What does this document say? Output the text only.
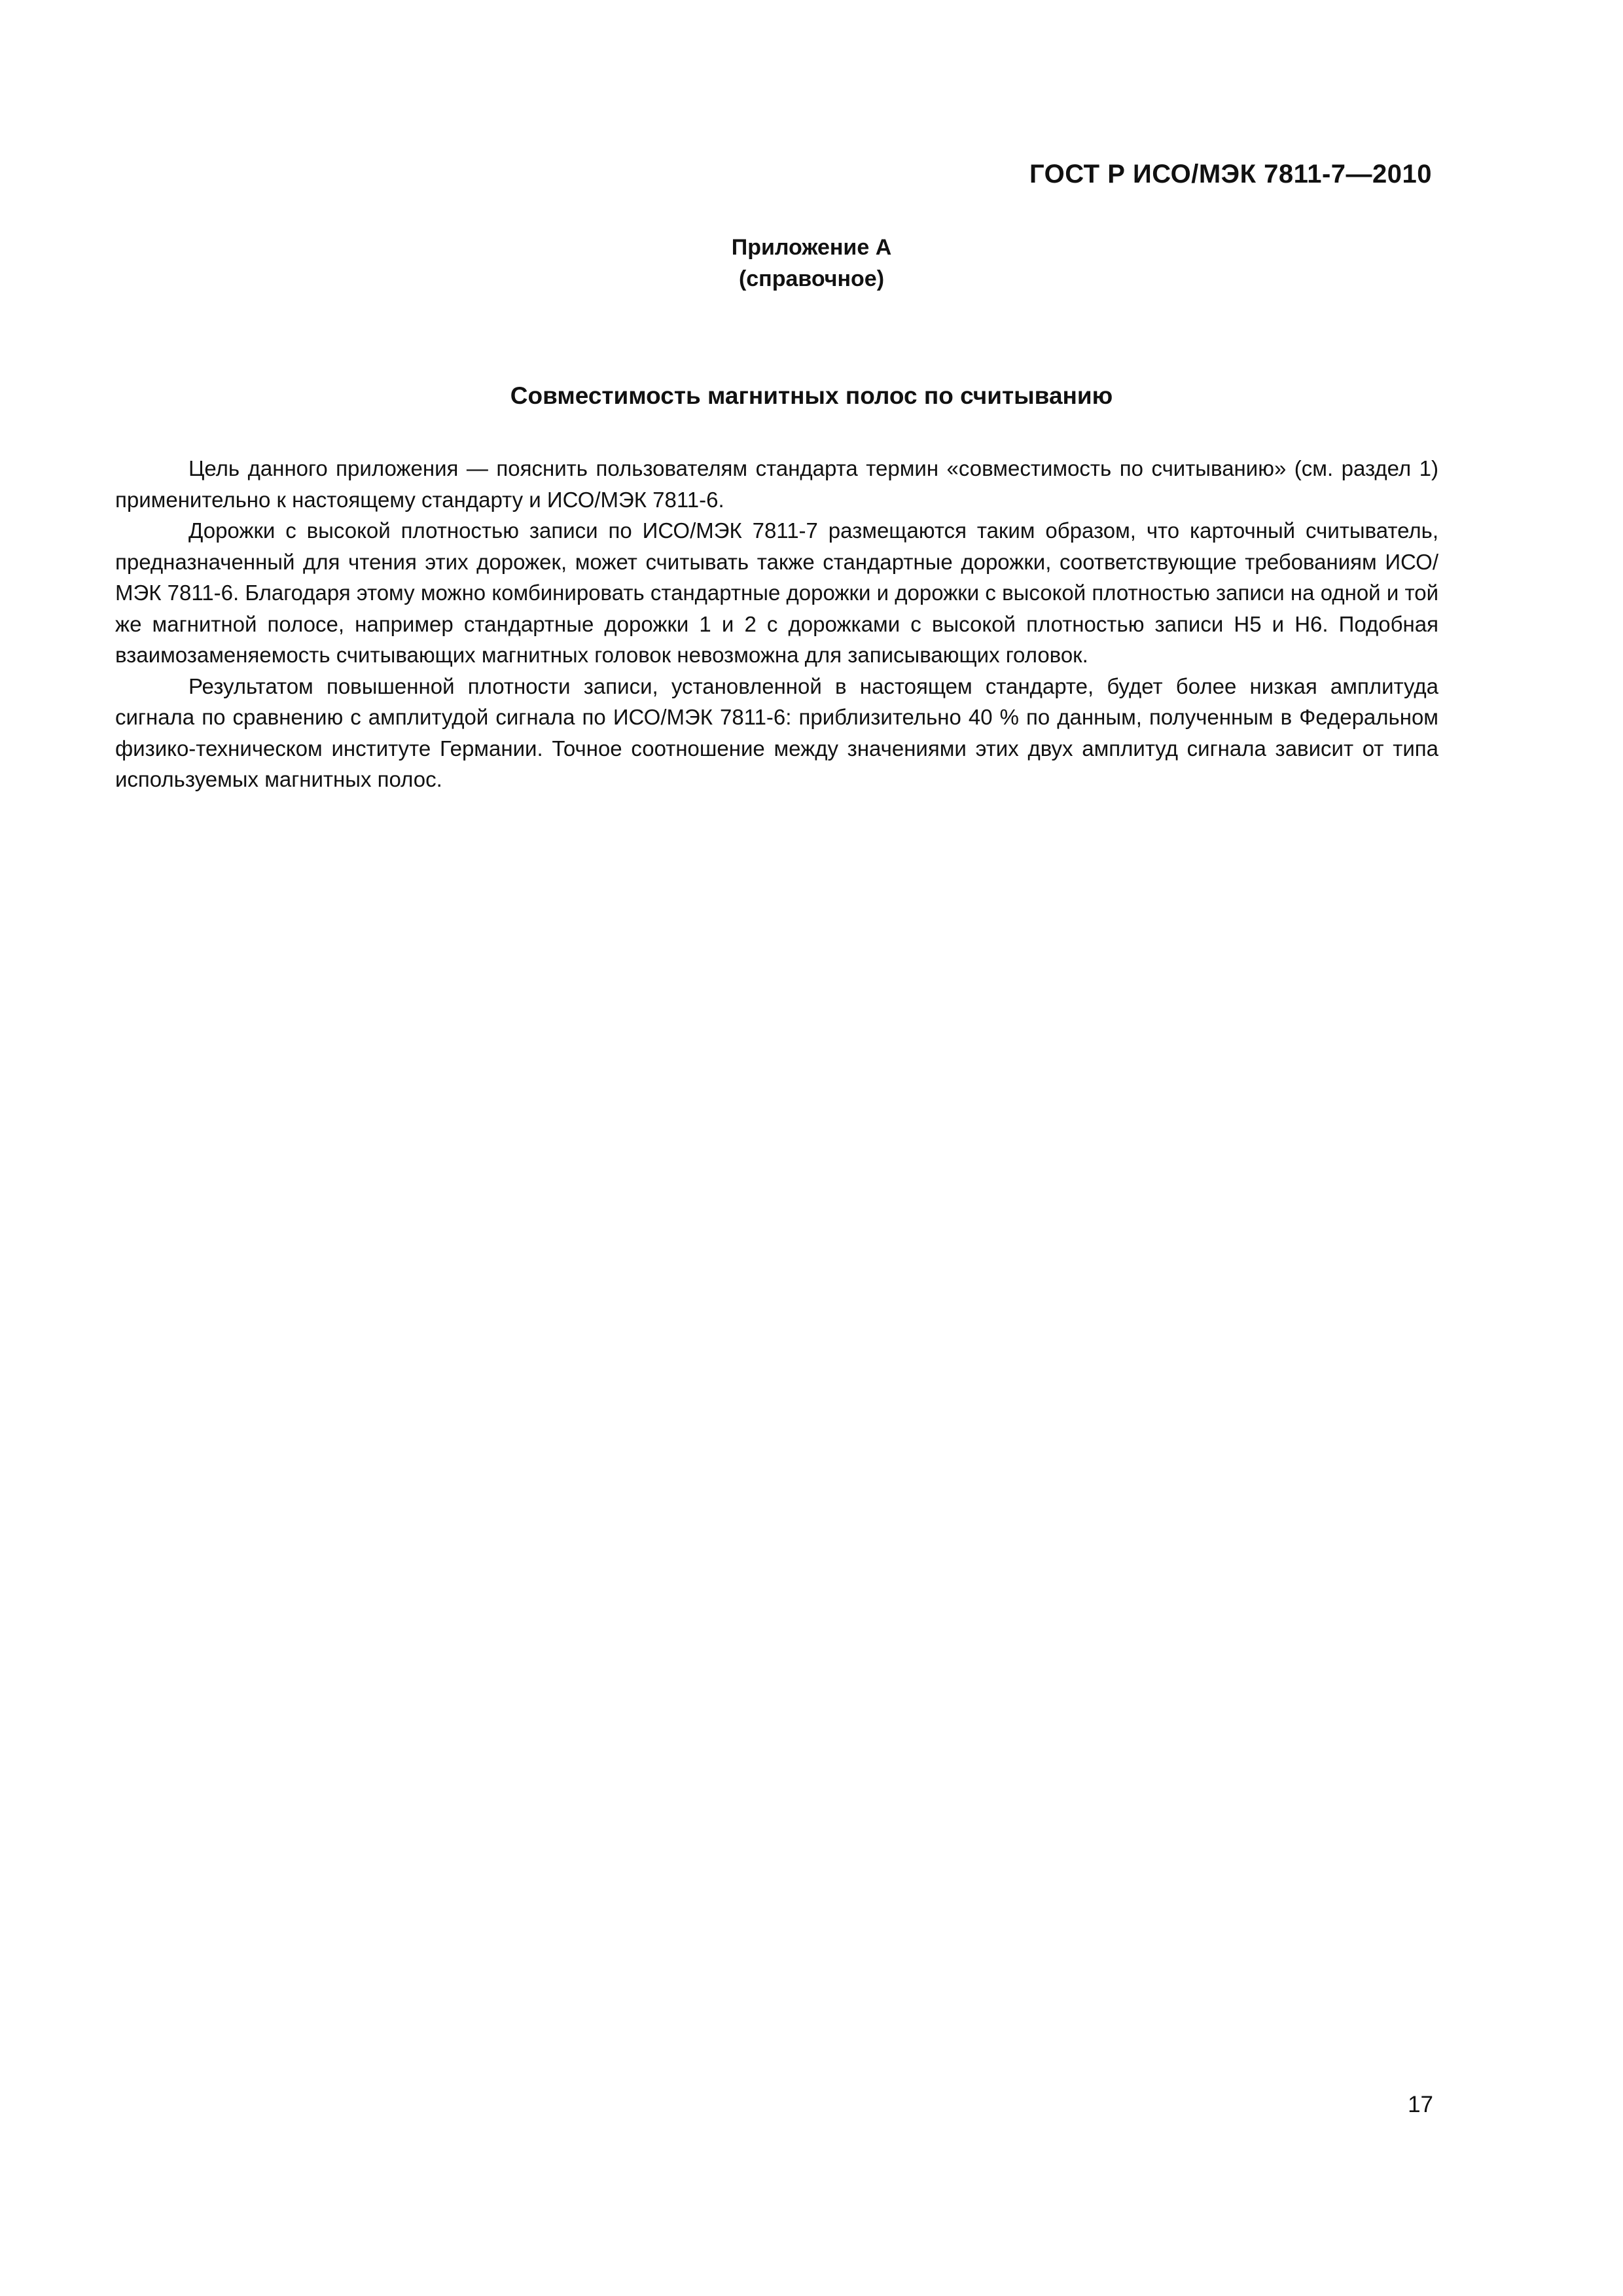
ГОСТ Р ИСО/МЭК 7811-7—2010
Приложение А
(справочное)
Совместимость магнитных полос по считыванию

Цель данного приложения — пояснить пользователям стандарта термин «совместимость по считыванию» (см. раздел 1) применительно к настоящему стандарту и ИСО/МЭК 7811-6.

Дорожки с высокой плотностью записи по ИСО/МЭК 7811-7 размещаются таким образом, что карточный считыватель, предназначенный для чтения этих дорожек, может считывать также стандартные дорожки, соответствующие требованиям ИСО/МЭК 7811-6. Благодаря этому можно комбинировать стандартные дорожки и дорожки с высокой плотностью записи на одной и той же магнитной полосе, например стандартные дорожки 1 и 2 с дорожками с высокой плотностью записи Н5 и Н6. Подобная взаимозаменяемость считывающих магнитных головок невозможна для записывающих головок.

Результатом повышенной плотности записи, установленной в настоящем стандарте, будет более низкая амплитуда сигнала по сравнению с амплитудой сигнала по ИСО/МЭК 7811-6: приблизительно 40 % по данным, полученным в Федеральном физико-техническом институте Германии. Точное соотношение между значениями этих двух амплитуд сигнала зависит от типа используемых магнитных полос.

17
